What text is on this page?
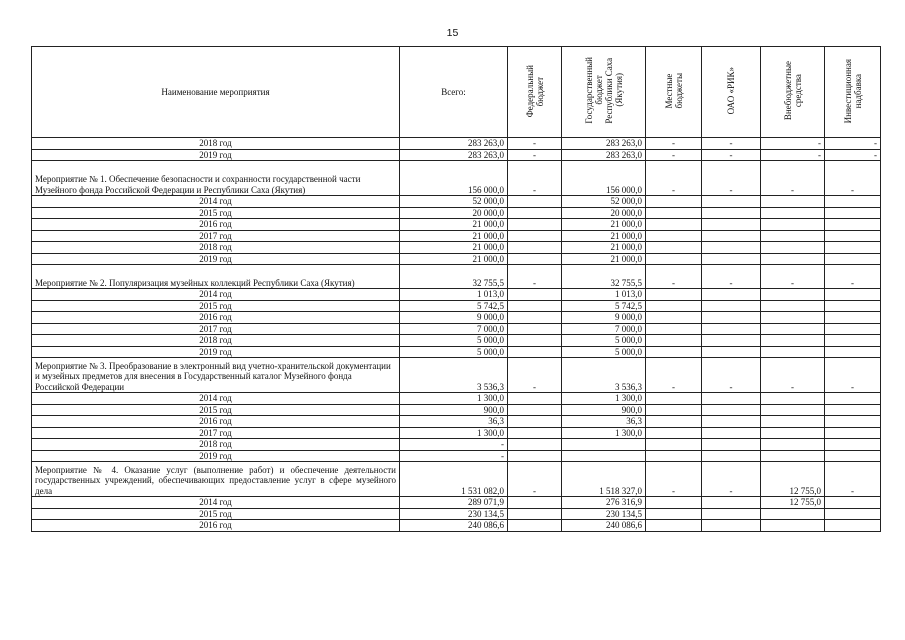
15
Наименование мероприятия	Всего:	Федеральный
бюджет	Государственный
бюджет
Республики Саха
(Якутия)	Местные
бюджеты	ОАО «РИК»	Внебюджетные
средства	Инвестиционная
надбавка
2018 год	283 263,0	-	283 263,0	-	-	-	-
2019 год	283 263,0	-	283 263,0	-	-	-	-
Мероприятие № 1. Обеспечение безопасности и сохранности государственной части Музейного фонда Российской Федерации и Республики Саха (Якутия)	156 000,0	-	156 000,0	-	-	-	-
2014 год	52 000,0		52 000,0				
2015 год	20 000,0		20 000,0				
2016 год	21 000,0		21 000,0				
2017 год	21 000,0		21 000,0				
2018 год	21 000,0		21 000,0				
2019 год	21 000,0		21 000,0				
Мероприятие № 2. Популяризация музейных коллекций Республики Саха (Якутия)	32 755,5	-	32 755,5	-	-	-	-
2014 год	1 013,0		1 013,0				
2015 год	5 742,5		5 742,5				
2016 год	9 000,0		9 000,0				
2017 год	7 000,0		7 000,0				
2018 год	5 000,0		5 000,0				
2019 год	5 000,0		5 000,0				
Мероприятие № 3. Преобразование в электронный вид учетно-хранительской документации и музейных предметов для внесения в Государственный каталог Музейного фонда Российской Федерации	3 536,3	-	3 536,3	-	-	-	-
2014 год	1 300,0		1 300,0				
2015 год	900,0		900,0				
2016 год	36,3		36,3				
2017 год	1 300,0		1 300,0				
2018 год	-						
2019 год	-						
Мероприятие № 4. Оказание услуг (выполнение работ) и обеспечение деятельности государственных учреждений, обеспечивающих предоставление услуг в сфере музейного дела	1 531 082,0	-	1 518 327,0	-	-	12 755,0	-
2014 год	289 071,9		276 316,9			12 755,0	
2015 год	230 134,5		230 134,5				
2016 год	240 086,6		240 086,6				
